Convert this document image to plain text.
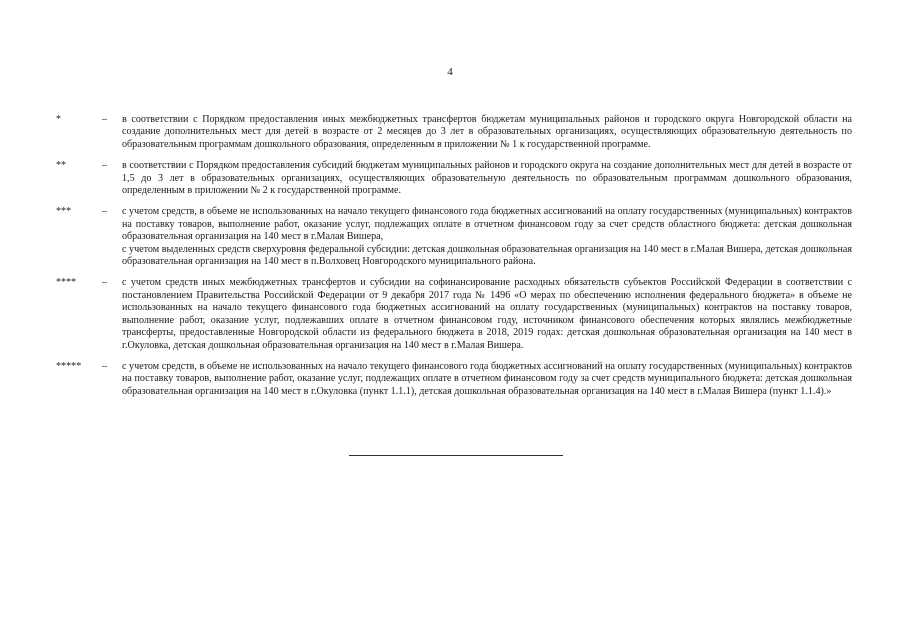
4
*	–	в соответствии с Порядком предоставления иных межбюджетных трансфертов бюджетам муниципальных районов и городского округа Новгородской области на создание дополнительных мест для детей в возрасте от 2 месяцев до 3 лет в образовательных организациях, осуществляющих образовательную деятельность по образовательным программам дошкольного образования, определенным в приложении № 1 к государственной программе.
**	–	в соответствии с Порядком предоставления субсидий бюджетам муниципальных районов и городского округа на создание дополнительных мест для детей в возрасте от 1,5 до 3 лет в образовательных организациях, осуществляющих образовательную деятельность по образовательным программам дошкольного образования, определенным в приложении № 2 к государственной программе.
***	–	с учетом средств, в объеме не использованных на начало текущего финансового года бюджетных ассигнований на оплату государственных (муниципальных) контрактов на поставку товаров, выполнение работ, оказание услуг, подлежащих оплате в отчетном финансовом году за счет средств областного бюджета: детская дошкольная образовательная организация на 140 мест в г.Малая Вишера,
с учетом выделенных средств сверхуровня федеральной субсидии: детская дошкольная образовательная организация на 140 мест в г.Малая Вишера, детская дошкольная образовательная организация на 140 мест в п.Волховец Новгородского муниципального района.
****	–	с учетом средств иных межбюджетных трансфертов и субсидии на софинансирование расходных обязательств субъектов Российской Федерации в соответствии с постановлением Правительства Российской Федерации от 9 декабря 2017 года № 1496 «О мерах по обеспечению исполнения федерального бюджета» в объеме не использованных на начало текущего финансового года бюджетных ассигнований на оплату государственных (муниципальных) контрактов на поставку товаров, выполнение работ, оказание услуг, подлежавших оплате в отчетном финансовом году, источником финансового обеспечения которых являлись межбюджетные трансферты, предоставленные Новгородской области из федерального бюджета в 2018, 2019 годах: детская дошкольная образовательная организация на 140 мест в г.Окуловка, детская дошкольная образовательная организация на 140 мест в г.Малая Вишера.
*****	–	с учетом средств, в объеме не использованных на начало текущего финансового года бюджетных ассигнований на оплату государственных (муниципальных) контрактов на поставку товаров, выполнение работ, оказание услуг, подлежащих оплате в отчетном финансовом году за счет средств муниципального бюджета: детская дошкольная образовательная организация на 140 мест в г.Окуловка (пункт 1.1.1), детская дошкольная образовательная организация на 140 мест в г.Малая Вишера (пункт 1.1.4).»
